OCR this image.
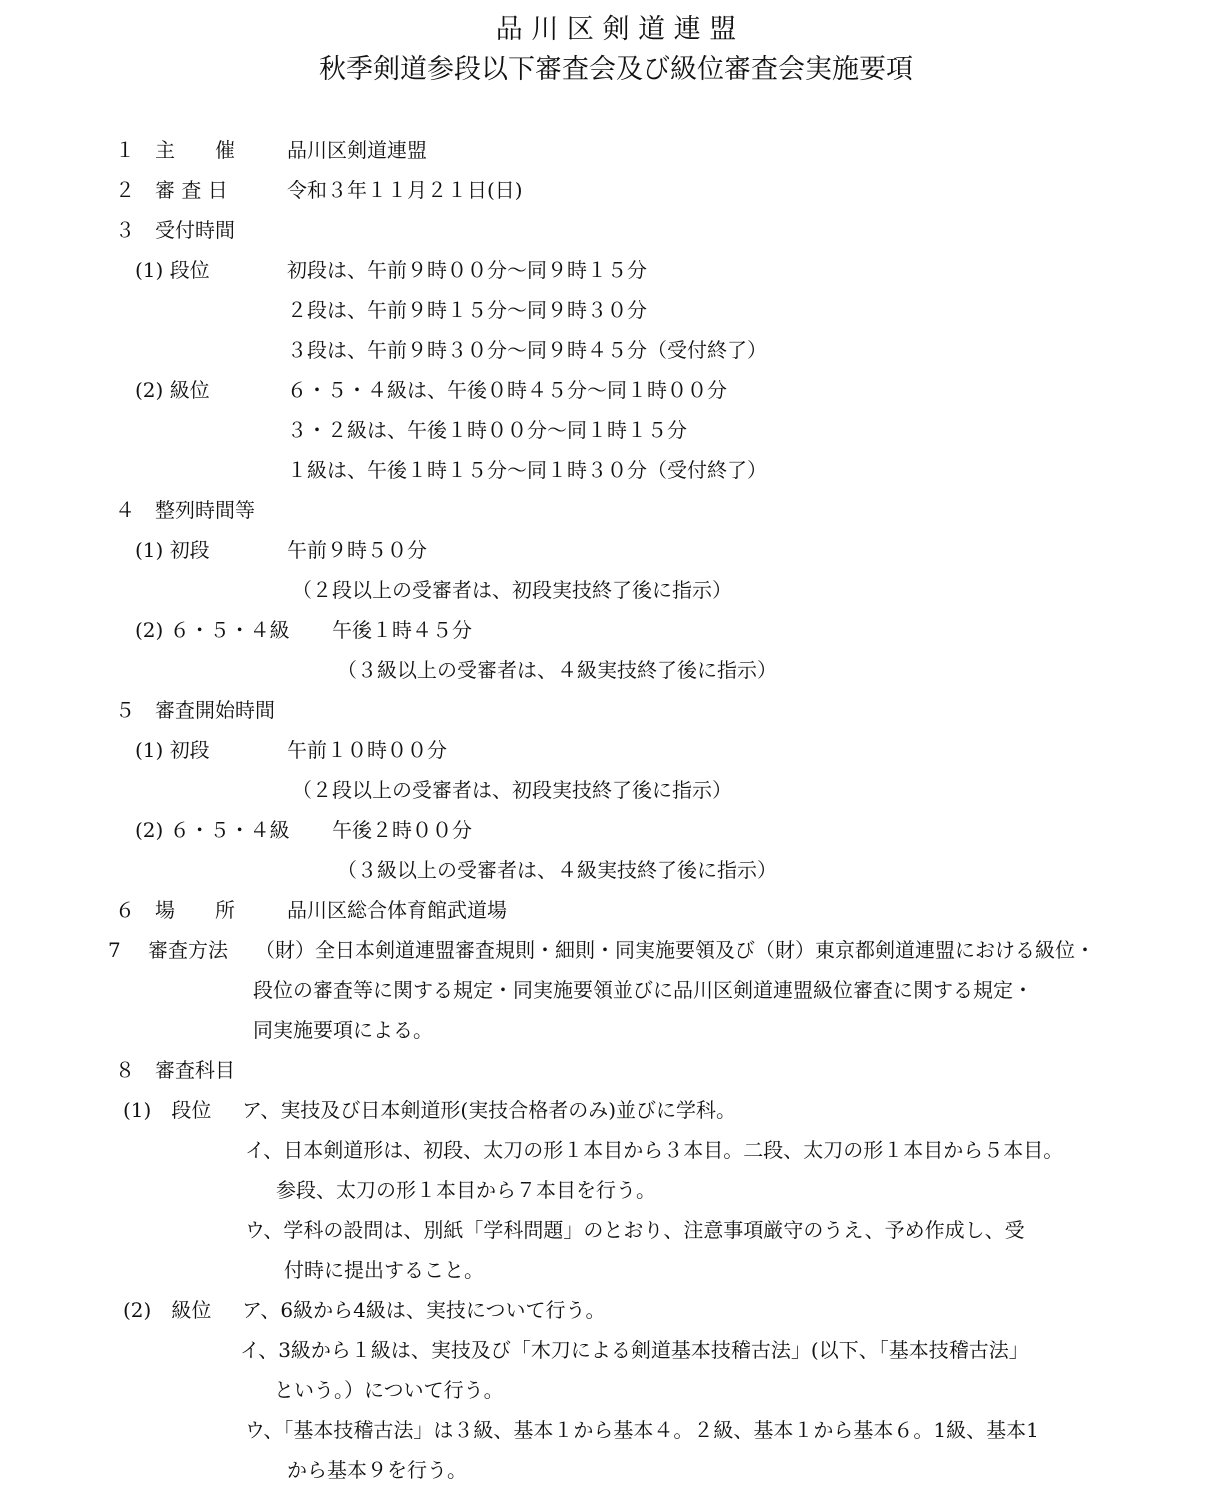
品 川 区 剣 道 連 盟
秋季剣道参段以下審査会及び級位審査会実施要項
１ 主　　催	品川区剣道連盟
２ 審 査 日	令和３年１１月２１日(日)
３ 受付時間
(1) 段位	初段は、午前９時００分～同９時１５分
２段は、午前９時１５分～同９時３０分
３段は、午前９時３０分～同９時４５分（受付終了）
(2) 級位	６・５・４級は、午後０時４５分～同１時００分
３・２級は、午後１時００分～同１時１５分
１級は、午後１時１５分～同１時３０分（受付終了）
４ 整列時間等
(1) 初段	午前９時５０分
（２段以上の受審者は、初段実技終了後に指示）
(2) ６・５・４級 午後１時４５分
（３級以上の受審者は、４級実技終了後に指示）
５ 審査開始時間
(1) 初段	午前１０時００分
（２段以上の受審者は、初段実技終了後に指示）
(2) ６・５・４級 午後２時００分
（３級以上の受審者は、４級実技終了後に指示）
６ 場　　所	品川区総合体育館武道場
7 審査方法 （財）全日本剣道連盟審査規則・細則・同実施要領及び（財）東京都剣道連盟における級位・
段位の審査等に関する規定・同実施要領並びに品川区剣道連盟級位審査に関する規定・
同実施要項による。
８ 審査科目
(1)　段位 ア、実技及び日本剣道形(実技合格者のみ)並びに学科。
イ、日本剣道形は、初段、太刀の形１本目から３本目。二段、太刀の形１本目から５本目。
参段、太刀の形１本目から７本目を行う。
ウ、学科の設問は、別紙「学科問題」のとおり、注意事項厳守のうえ、予め作成し、受
付時に提出すること。
(2)　級位 ア、6級から4級は、実技について行う。
イ、3級から１級は、実技及び「木刀による剣道基本技稽古法」(以下、「基本技稽古法」
という。）について行う。
ウ、「基本技稽古法」は３級、基本１から基本４。２級、基本１から基本６。1級、基本1
から基本９を行う。
